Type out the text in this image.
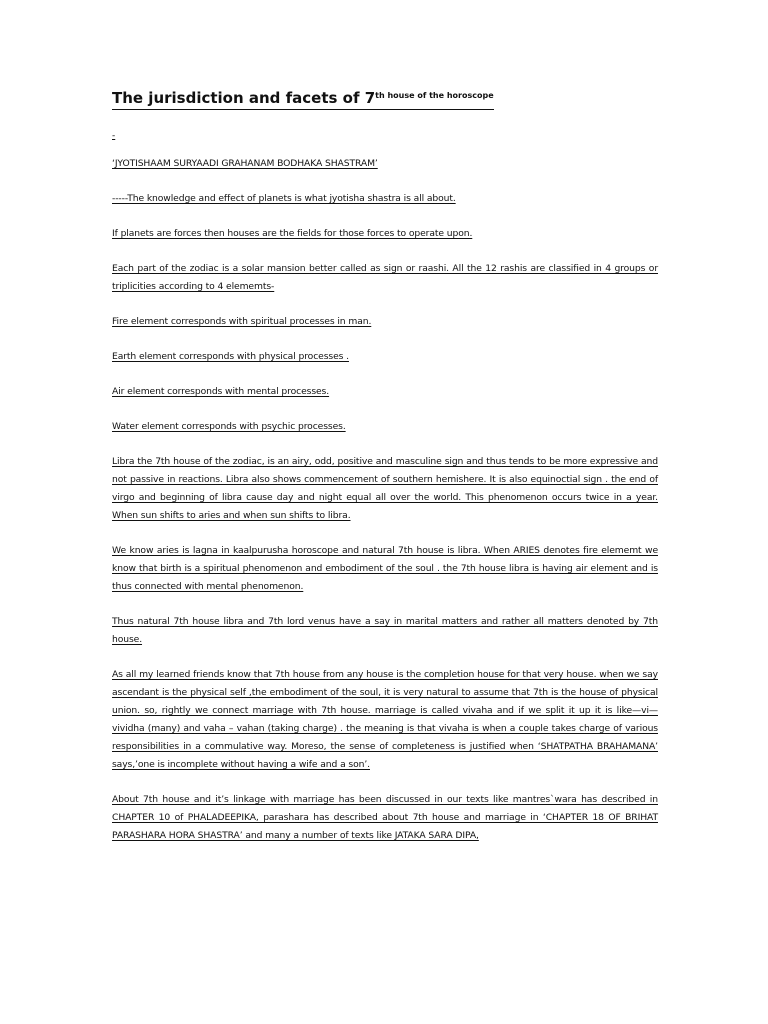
The jurisdiction and facets of 7th $^{house of the horoscope}$
-

‘JYOTISHAAM SURYAADI GRAHANAM BODHAKA SHASTRAM’

-----The knowledge and effect of planets is what jyotisha shastra is all about.

If planets are forces then houses are the fields for those forces to operate upon.

Each part of the zodiac is a solar mansion better called as sign or raashi. All the 12 rashis are classified in 4 groups or triplicities according to 4 elememts-

Fire element corresponds with spiritual processes in man.

Earth element corresponds with physical processes .

Air element corresponds with mental processes.

Water element corresponds with psychic processes.

Libra the 7th house of the zodiac, is an airy, odd, positive and masculine sign and thus tends to be more expressive and not passive in reactions. Libra also shows commencement of southern hemishere. It is also equinoctial sign . the end of virgo and beginning of libra cause day and night equal all over the world. This phenomenon occurs twice in a year. When sun shifts to aries and when sun shifts to libra.

We know aries is lagna in kaalpurusha horoscope and natural 7th house is libra. When ARIES denotes fire elememt we know that birth is a spiritual phenomenon and embodiment of the soul . the 7th house libra is having air element and is thus connected with mental phenomenon.

Thus natural 7th house libra and 7th lord venus have a say in marital matters and rather all matters denoted by 7th house.

As all my learned friends know that 7th house from any house is the completion house for that very house. when we say ascendant is the physical self ,the embodiment of the soul, it is very natural to assume that 7th is the house of physical union. so, rightly we connect marriage with 7th house. marriage is called vivaha and if we split it up it is like—vi—vividha (many) and vaha – vahan (taking charge) . the meaning is that vivaha is when a couple takes charge of various responsibilities in a commulative way. Moreso, the sense of completeness is justified when ‘SHATPATHA BRAHAMANA’ says,’one is incomplete without having a wife and a son’.

About 7th house and it’s linkage with marriage has been discussed in our texts like mantres`wara has described in CHAPTER 10 of PHALADEEPIKA, parashara has described about 7th house and marriage in ‘CHAPTER 18 OF BRIHAT PARASHARA HORA SHASTRA’ and many a number of texts like JATAKA SARA DIPA,
